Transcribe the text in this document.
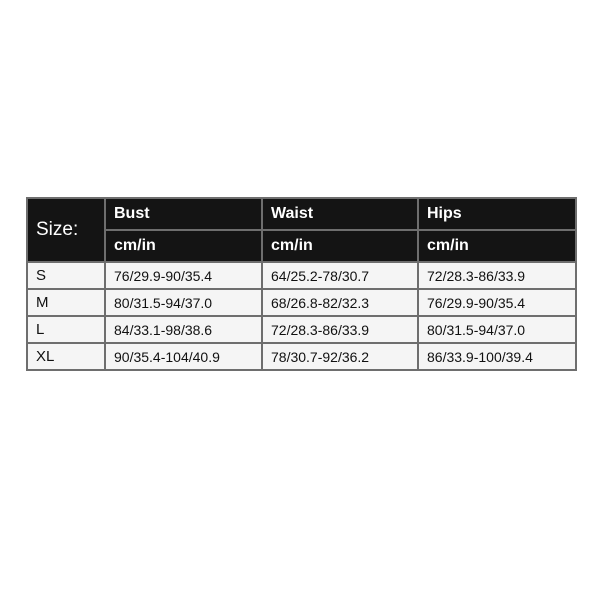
Size:	Bust	Waist	Hips
	cm/in	cm/in	cm/in
S	76/29.9-90/35.4	64/25.2-78/30.7	72/28.3-86/33.9
M	80/31.5-94/37.0	68/26.8-82/32.3	76/29.9-90/35.4
L	84/33.1-98/38.6	72/28.3-86/33.9	80/31.5-94/37.0
XL	90/35.4-104/40.9	78/30.7-92/36.2	86/33.9-100/39.4
